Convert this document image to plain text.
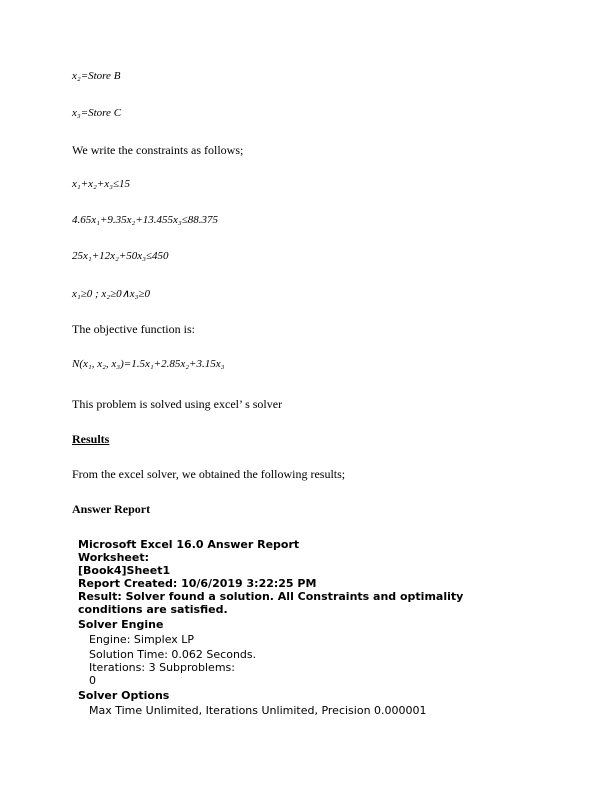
x₂=Store B
x₃=Store C
We write the constraints as follows;
x₁+x₂+x₃≤15
4.65x₁+9.35x₂+13.455x₃≤88.375
25x₁+12x₂+50x₃≤450
x₁≥0 ; x₂≥0∧x₃≥0
The objective function is:
N(x₁, x₂, x₃)=1.5x₁+2.85x₂+3.15x₃
This problem is solved using excel’ s solver
Results
From the excel solver, we obtained the following results;
Answer Report
Microsoft Excel 16.0 Answer Report
Worksheet:
[Book4]Sheet1
Report Created: 10/6/2019 3:22:25 PM
Result: Solver found a solution. All Constraints and optimality conditions are satisfied.
Solver Engine
Engine: Simplex LP
Solution Time: 0.062 Seconds.
Iterations: 3 Subproblems:
0
Solver Options
Max Time Unlimited, Iterations Unlimited, Precision 0.000001
